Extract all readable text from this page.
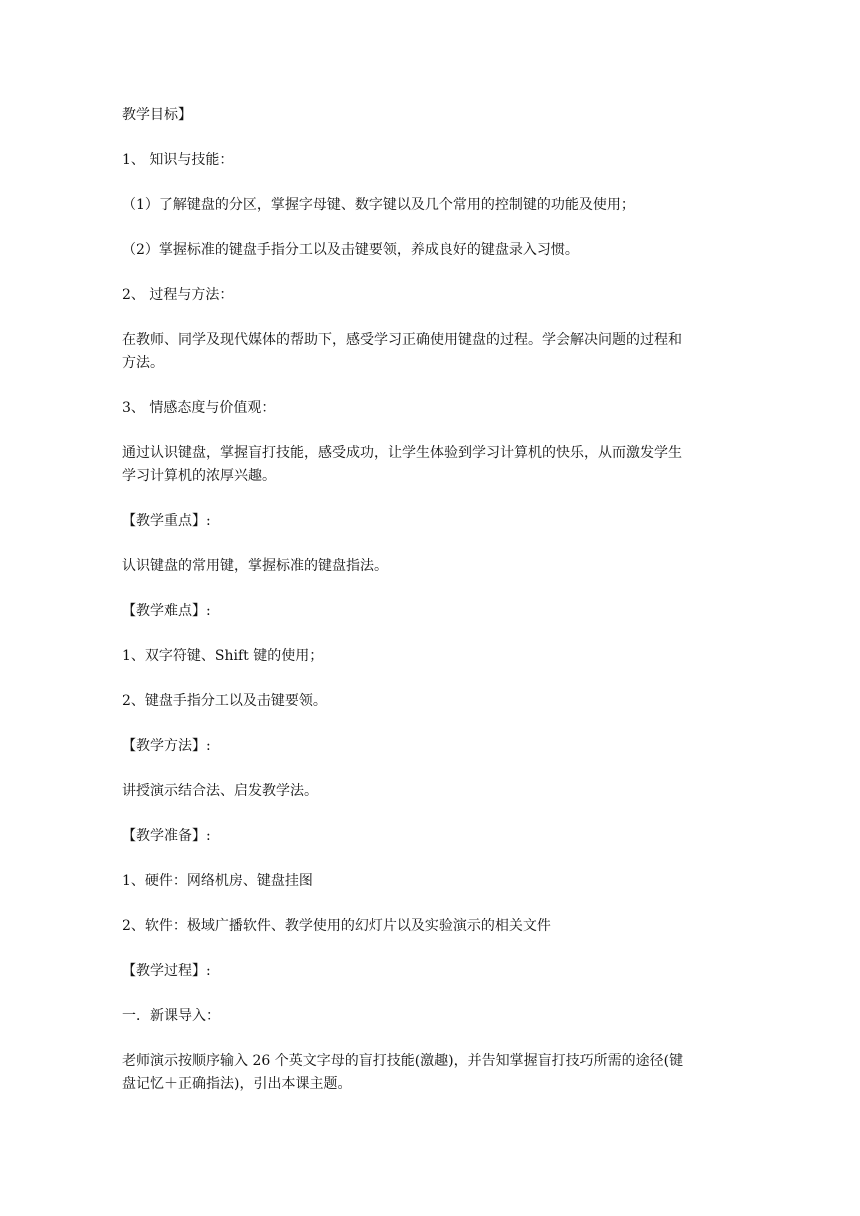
教学目标】
1、 知识与技能：
（1）了解键盘的分区，掌握字母键、数字键以及几个常用的控制键的功能及使用；
（2）掌握标准的键盘手指分工以及击键要领，养成良好的键盘录入习惯。
2、 过程与方法：
在教师、同学及现代媒体的帮助下，感受学习正确使用键盘的过程。学会解决问题的过程和
方法。
3、 情感态度与价值观：
通过认识键盘，掌握盲打技能，感受成功，让学生体验到学习计算机的快乐，从而激发学生
学习计算机的浓厚兴趣。
【教学重点】:
认识键盘的常用键，掌握标准的键盘指法。
【教学难点】:
1、双字符键、Shift 键的使用；
2、键盘手指分工以及击键要领。
【教学方法】:
讲授演示结合法、启发教学法。
【教学准备】:
1、硬件：网络机房、键盘挂图
2、软件：极域广播软件、教学使用的幻灯片以及实验演示的相关文件
【教学过程】:
一．新课导入：
老师演示按顺序输入 26 个英文字母的盲打技能(激趣)，并告知掌握盲打技巧所需的途径(键
盘记忆＋正确指法)，引出本课主题。
